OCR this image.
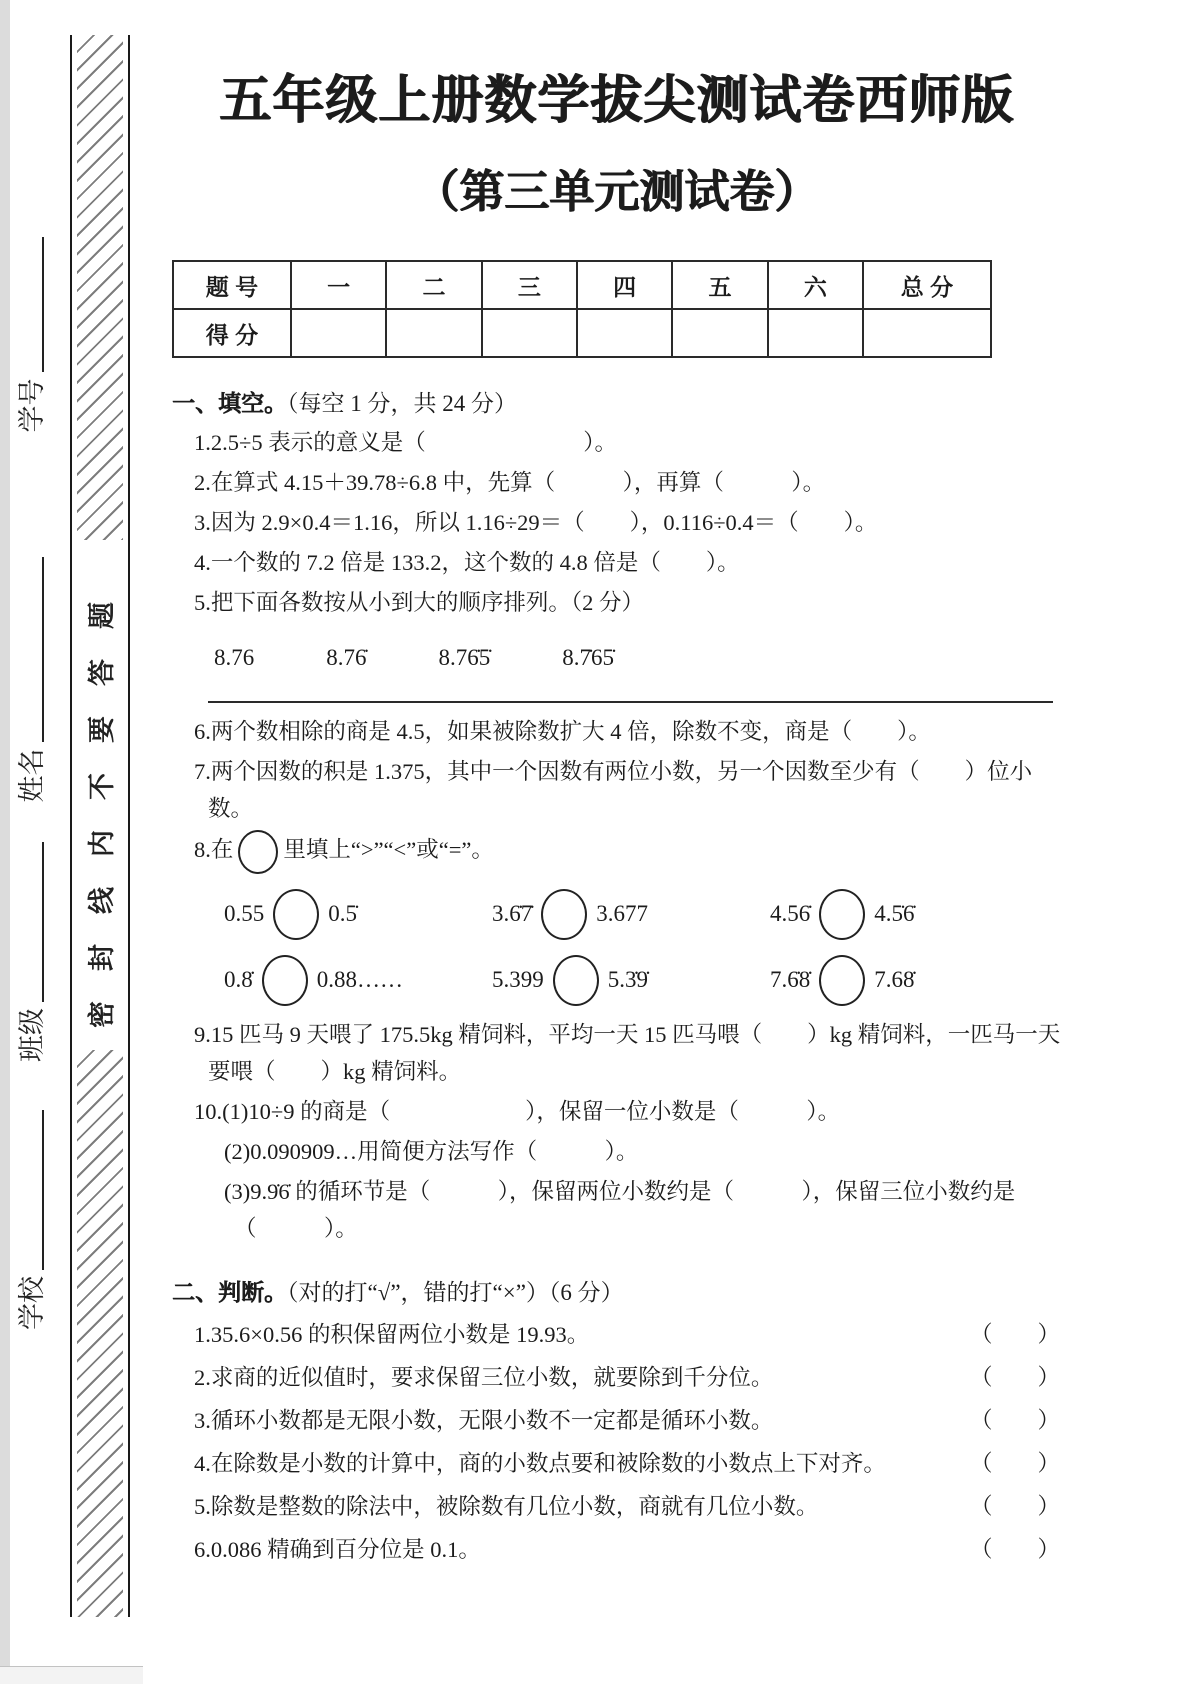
学号
姓名
班级
学校
密封线内不要答题
五年级上册数学拔尖测试卷西师版
（第三单元测试卷）
题 号	一	二	三	四	五	六	总 分
得 分							
一、填空。（每空 1 分，共 24 分）
1.2.5÷5 表示的意义是（　　　　　　　）。
2.在算式 4.15＋39.78÷6.8 中，先算（　　　），再算（　　　）。
3.因为 2.9×0.4＝1.16，所以 1.16÷29＝（　　），0.116÷0.4＝（　　）。
4.一个数的 7.2 倍是 133.2，这个数的 4.8 倍是（　　）。
5.把下面各数按从小到大的顺序排列。（2 分）
8.76	8.76̇	8.76̇5̇	8.7̇65̇
6.两个数相除的商是 4.5，如果被除数扩大 4 倍，除数不变，商是（　　）。
7.两个因数的积是 1.375，其中一个因数有两位小数，另一个因数至少有（　　）位小数。
8.在 里填上“>”“<”或“=”。
0.55	0.5̇	3.6̇7̇	3.677	4.56̇	4.5̇6̇
0.8̇	0.88……	5.399	5.3̇9̇	7.6̇8̇	7.68̇
9.15 匹马 9 天喂了 175.5kg 精饲料，平均一天 15 匹马喂（　　）kg 精饲料，一匹马一天要喂（　　）kg 精饲料。
10.(1)10÷9 的商是（　　　　　　），保留一位小数是（　　　）。
(2)0.090909…用简便方法写作（　　　）。
(3)9.9̇6̇ 的循环节是（　　　），保留两位小数约是（　　　），保留三位小数约是（　　　）。
二、判断。（对的打“√”，错的打“×”）（6 分）
1.35.6×0.56 的积保留两位小数是 19.93。	（　　）
2.求商的近似值时，要求保留三位小数，就要除到千分位。	（　　）
3.循环小数都是无限小数，无限小数不一定都是循环小数。	（　　）
4.在除数是小数的计算中，商的小数点要和被除数的小数点上下对齐。	（　　）
5.除数是整数的除法中，被除数有几位小数，商就有几位小数。	（　　）
6.0.086 精确到百分位是 0.1。	（　　）
